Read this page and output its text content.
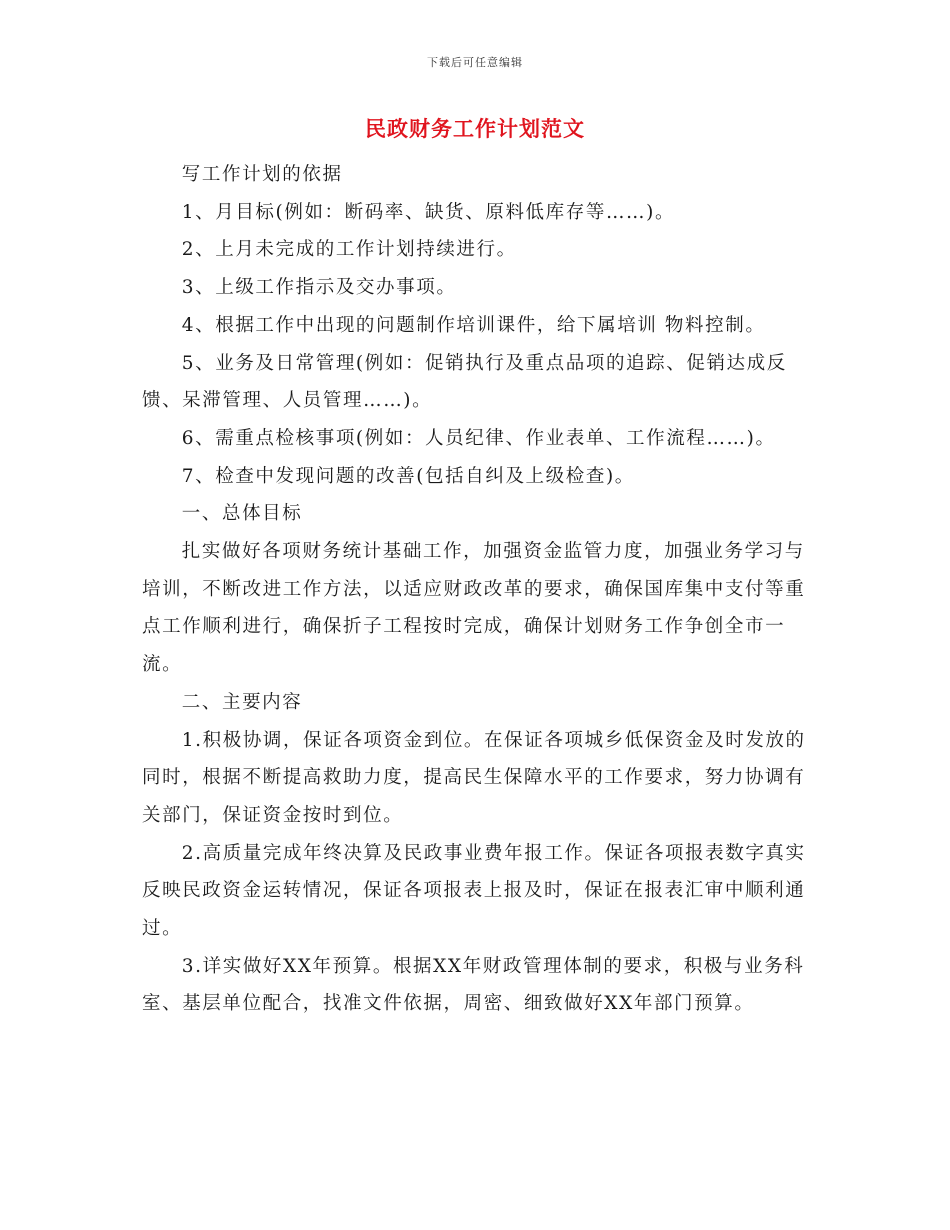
下载后可任意编辑
民政财务工作计划范文

写工作计划的依据

1、月目标(例如：断码率、缺货、原料低库存等……)。

2、上月未完成的工作计划持续进行。

3、上级工作指示及交办事项。

4、根据工作中出现的问题制作培训课件，给下属培训 物料控制。

5、业务及日常管理(例如：促销执行及重点品项的追踪、促销达成反馈、呆滞管理、人员管理……)。

6、需重点检核事项(例如：人员纪律、作业表单、工作流程……)。

7、检查中发现问题的改善(包括自纠及上级检查)。

一、总体目标

扎实做好各项财务统计基础工作，加强资金监管力度，加强业务学习与培训，不断改进工作方法，以适应财政改革的要求，确保国库集中支付等重点工作顺利进行，确保折子工程按时完成，确保计划财务工作争创全市一流。

二、主要内容

1.积极协调，保证各项资金到位。在保证各项城乡低保资金及时发放的同时，根据不断提高救助力度，提高民生保障水平的工作要求，努力协调有关部门，保证资金按时到位。

2.高质量完成年终决算及民政事业费年报工作。保证各项报表数字真实反映民政资金运转情况，保证各项报表上报及时，保证在报表汇审中顺利通过。

3.详实做好XX年预算。根据XX年财政管理体制的要求，积极与业务科室、基层单位配合，找准文件依据，周密、细致做好XX年部门预算。
